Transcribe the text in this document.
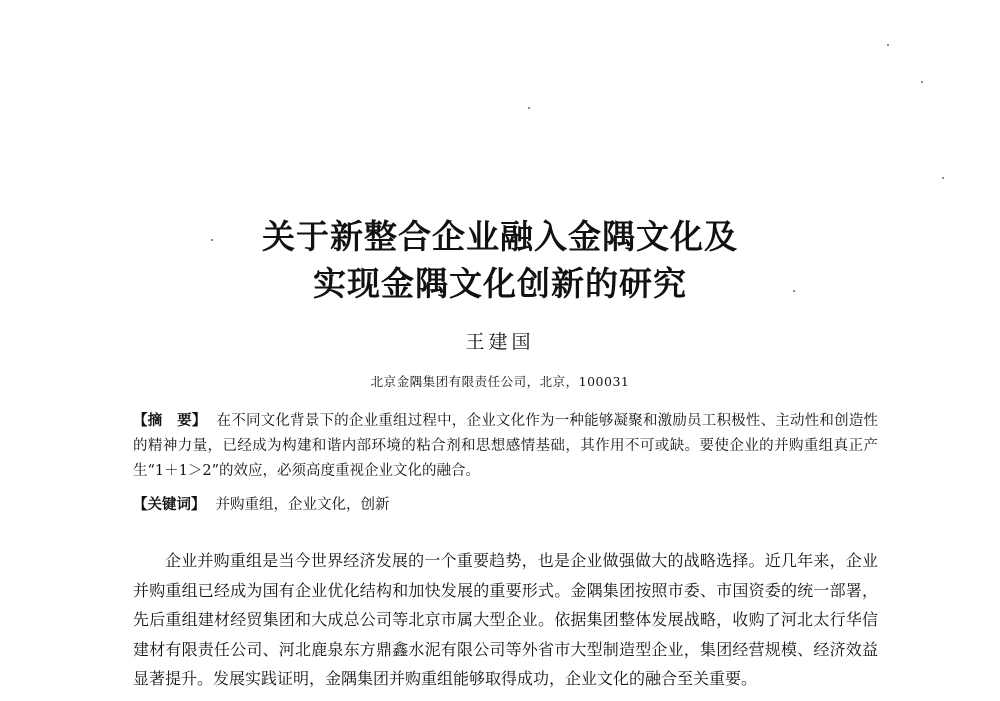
关于新整合企业融入金隅文化及
实现金隅文化创新的研究
王建国
北京金隅集团有限责任公司，北京，100031
【摘　要】 在不同文化背景下的企业重组过程中，企业文化作为一种能够凝聚和激励员工积极性、主动性和创造性的精神力量，已经成为构建和谐内部环境的粘合剂和思想感情基础，其作用不可或缺。要使企业的并购重组真正产生“1＋1＞2”的效应，必须高度重视企业文化的融合。
【关键词】 并购重组，企业文化，创新
企业并购重组是当今世界经济发展的一个重要趋势，也是企业做强做大的战略选择。近几年来，企业并购重组已经成为国有企业优化结构和加快发展的重要形式。金隅集团按照市委、市国资委的统一部署，先后重组建材经贸集团和大成总公司等北京市属大型企业。依据集团整体发展战略，收购了河北太行华信建材有限责任公司、河北鹿泉东方鼎鑫水泥有限公司等外省市大型制造型企业，集团经营规模、经济效益显著提升。发展实践证明，金隅集团并购重组能够取得成功，企业文化的融合至关重要。
